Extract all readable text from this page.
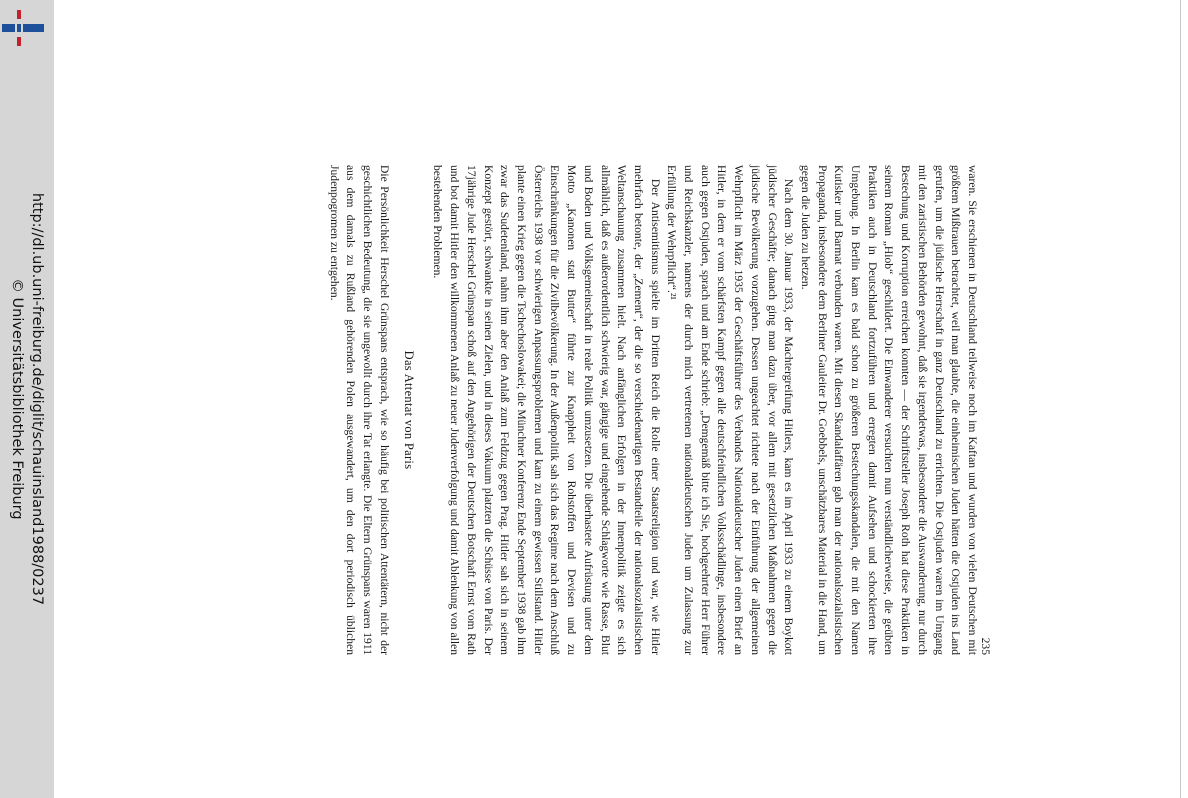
http://dl.ub.uni-freiburg.de/diglit/schauinsland1988/0237
© Universitätsbibliothek Freiburg
235

waren. Sie erschienen in Deutschland teilweise noch im Kaftan und wurden von vielen Deutschen mit größtem Mißtrauen betrachtet, weil man glaubte, die einheimischen Juden hätten die Ostjuden ins Land gerufen, um die jüdische Herrschaft in ganz Deutschland zu errichten. Die Ostjuden waren im Umgang mit den zaristischen Behörden gewohnt, daß sie irgendetwas, insbesondere die Auswanderung, nur durch Bestechung und Korruption erreichen konnten — der Schriftsteller Joseph Roth hat diese Praktiken in seinem Roman „Hiob“ geschildert. Die Einwanderer versuchten nun verständlicherweise, die geübten Praktiken auch in Deutschland fortzuführen und erregten damit Aufsehen und schockierten ihre Umgebung. In Berlin kam es bald schon zu größeren Bestechungsskandalen, die mit den Namen Kutisker und Barmat verbunden waren. Mit diesen Skandalaffären gab man der nationalsozialistischen Propaganda, insbesondere dem Berliner Gauleiter Dr. Goebbels, unschätzbares Material in die Hand, um gegen die Juden zu hetzen.

Nach dem 30. Januar 1933, der Machtergreifung Hitlers, kam es im April 1933 zu einem Boykott jüdischer Geschäfte; danach ging man dazu über, vor allem mit gesetzlichen Maßnahmen gegen die jüdische Bevölkerung vorzugehen. Dessen ungeachtet richtete nach der Einführung der allgemeinen Wehrpflicht im März 1935 der Geschäftsführer des Verbandes Nationaldeutscher Juden einen Brief an Hitler, in dem er vom schärfsten Kampf gegen alle deutschfeindlichen Volksschädlinge, insbesondere auch gegen Ostjuden, sprach und am Ende schrieb: „Demgemäß bitte ich Sie, hochgeehrter Herr Führer und Reichskanzler, namens der durch mich vertretenen nationaldeutschen Juden um Zulassung zur Erfüllung der Wehrpflicht“.²¹

Der Antisemitismus spielte im Dritten Reich die Rolle einer Staatsreligion und war, wie Hitler mehrfach betonte, der „Zement“, der die so verschiedenartigen Bestandteile der nationalsozialistischen Weltanschauung zusammen hielt. Nach anfänglichen Erfolgen in der Innenpolitik zeigte es sich allmählich, daß es außerordentlich schwierig war, gängige und eingehende Schlagworte wie Rasse, Blut und Boden und Volksgemeinschaft in reale Politik umzusetzen. Die überhastete Aufrüstung unter dem Motto „Kanonen statt Butter“ führte zur Knappheit von Rohstoffen und Devisen und zu Einschränkungen für die Zivilbevölkerung. In der Außenpolitik sah sich das Regime nach dem Anschluß Österreichs 1938 vor schwierigen Anpassungsproblemen und kam zu einem gewissen Stillstand. Hitler plante einen Krieg gegen die Tschechoslowakei; die Münchner Konferenz Ende September 1938 gab ihm zwar das Sudetenland, nahm ihm aber den Anlaß zum Feldzug gegen Prag. Hitler sah sich in seinem Konzept gestört, schwankte in seinen Zielen, und in dieses Vakuum platzten die Schüsse von Paris. Der 17jährige Jude Herschel Grünspan schoß auf den Angehörigen der Deutschen Botschaft Ernst vom Rath und bot damit Hitler den willkommenen Anlaß zu neuer Judenverfolgung und damit Ablenkung von allen bestehenden Problemen.

Das Attentat von Paris

Die Persönlichkeit Herschel Grünspans entsprach, wie so häufig bei politischen Attentätern, nicht der geschichtlichen Bedeutung, die sie ungewollt durch ihre Tat erlangte. Die Eltern Grünspans waren 1911 aus dem damals zu Rußland gehörenden Polen ausgewandert, um den dort periodisch üblichen Judenpogromen zu entgehen.
